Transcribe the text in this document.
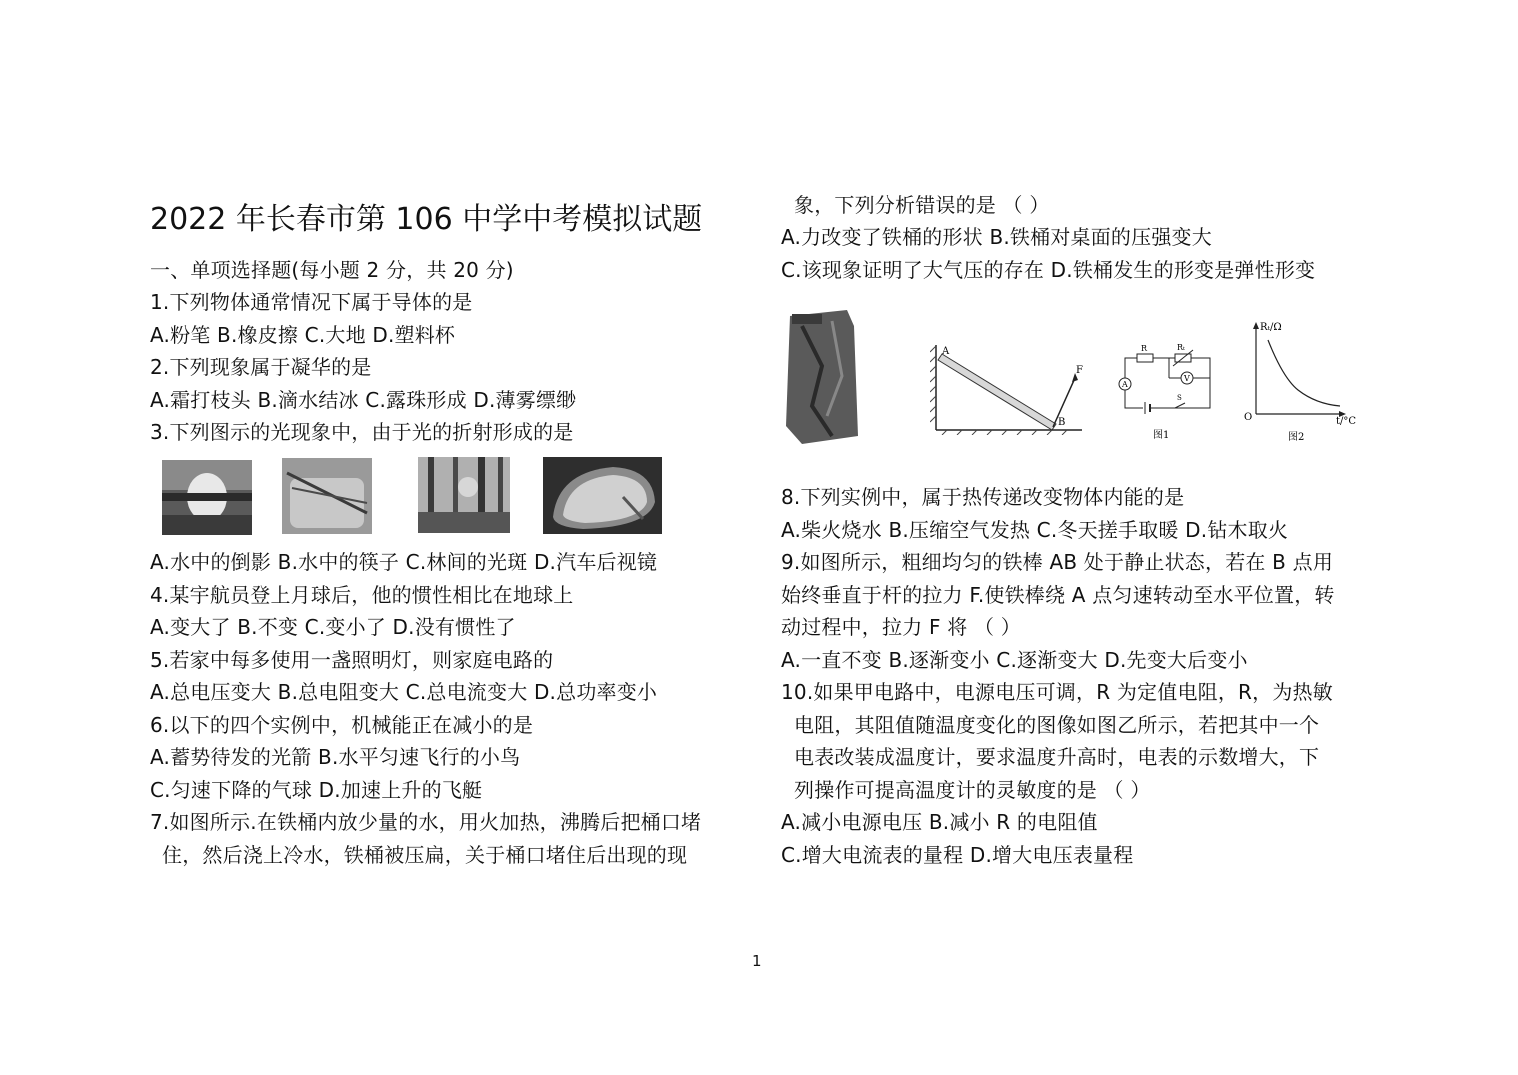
2022 年长春市第 106 中学中考模拟试题
一、单项选择题(每小题 2 分，共 20 分)
1.下列物体通常情况下属于导体的是
A.粉笔 B.橡皮擦 C.大地 D.塑料杯
2.下列现象属于凝华的是
A.霜打枝头 B.滴水结冰 C.露珠形成 D.薄雾缥缈
3.下列图示的光现象中，由于光的折射形成的是
A.水中的倒影 B.水中的筷子 C.林间的光斑 D.汽车后视镜
4.某宇航员登上月球后，他的惯性相比在地球上
A.变大了 B.不变 C.变小了 D.没有惯性了
5.若家中每多使用一盏照明灯，则家庭电路的
A.总电压变大 B.总电阻变大 C.总电流变大 D.总功率变小
6.以下的四个实例中，机械能正在减小的是
A.蓄势待发的光箭 B.水平匀速飞行的小鸟
C.匀速下降的气球 D.加速上升的飞艇
7.如图所示.在铁桶内放少量的水，用火加热，沸腾后把桶口堵
住，然后浇上冷水，铁桶被压扁，关于桶口堵住后出现的现
象，下列分析错误的是 （ ）
A.力改变了铁桶的形状 B.铁桶对桌面的压强变大
C.该现象证明了大气压的存在 D.铁桶发生的形变是弹性形变
A
B
F
R	Rₜ
A
V
S
图1
Rₜ/Ω
t/°C
O
图2
8.下列实例中，属于热传递改变物体内能的是
A.柴火烧水 B.压缩空气发热 C.冬天搓手取暖 D.钻木取火
9.如图所示，粗细均匀的铁棒 AB 处于静止状态，若在 B 点用
始终垂直于杆的拉力 F.使铁棒绕 A 点匀速转动至水平位置，转
动过程中，拉力 F 将 （ ）
A.一直不变 B.逐渐变小 C.逐渐变大 D.先变大后变小
10.如果甲电路中，电源电压可调，R 为定值电阻，R，为热敏
电阻，其阻值随温度变化的图像如图乙所示，若把其中一个
电表改装成温度计，要求温度升高时，电表的示数增大，下
列操作可提高温度计的灵敏度的是 （ ）
A.减小电源电压 B.减小 R 的电阻值
C.增大电流表的量程 D.增大电压表量程
1
